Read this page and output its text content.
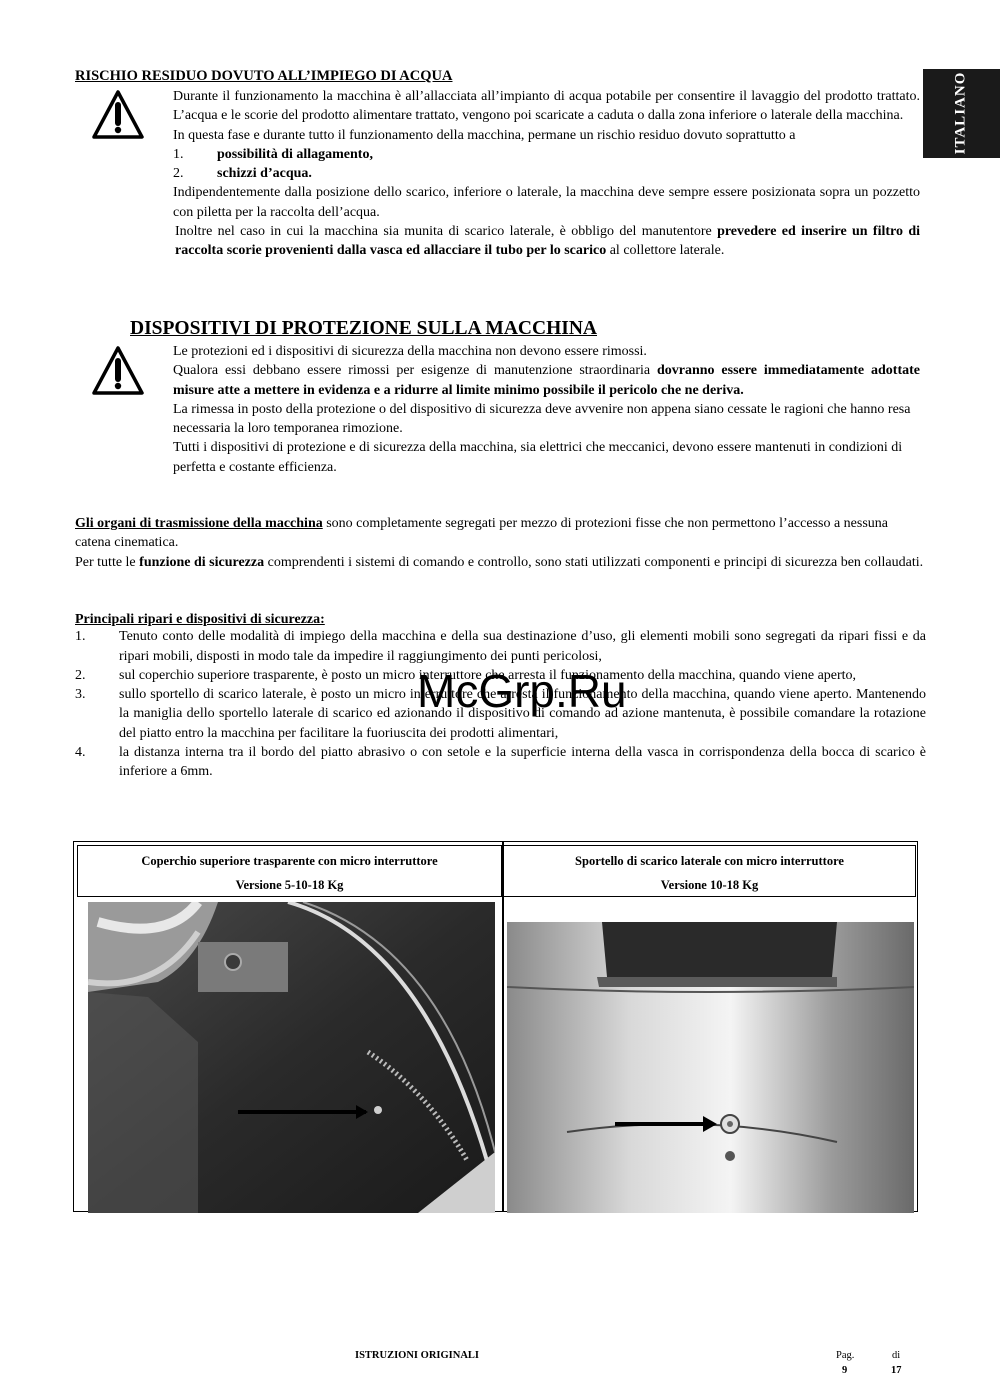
ITALIANO
RISCHIO RESIDUO DOVUTO ALL’IMPIEGO DI ACQUA
Durante il funzionamento la macchina è all’allacciata all’impianto di acqua potabile per consentire il lavaggio del prodotto trattato. L’acqua e le scorie del prodotto alimentare trattato, vengono poi scaricate a caduta o dalla zona inferiore o laterale della macchina.
In questa fase e durante tutto il funzionamento della macchina, permane un rischio residuo dovuto soprattutto a
1. possibilità di allagamento,
2. schizzi d’acqua.
Indipendentemente dalla posizione dello scarico, inferiore o laterale, la macchina deve sempre essere posizionata sopra un pozzetto con piletta per la raccolta dell’acqua.
Inoltre nel caso in cui la macchina sia munita di scarico laterale, è obbligo del manutentore prevedere ed inserire un filtro di raccolta scorie provenienti dalla vasca ed allacciare il tubo per lo scarico al collettore laterale.
DISPOSITIVI DI PROTEZIONE SULLA MACCHINA
Le protezioni ed i dispositivi di sicurezza della macchina non devono essere rimossi.
Qualora essi debbano essere rimossi per esigenze di manutenzione straordinaria dovranno essere immediatamente adottate misure atte a mettere in evidenza e a ridurre al limite minimo possibile il pericolo che ne deriva.
La rimessa in posto della protezione o del dispositivo di sicurezza deve avvenire non appena siano cessate le ragioni che hanno resa necessaria la loro temporanea rimozione.
Tutti i dispositivi di protezione e di sicurezza della macchina, sia elettrici che meccanici, devono essere mantenuti in condizioni di perfetta e costante efficienza.
Gli organi di trasmissione della macchina sono completamente segregati per mezzo di protezioni fisse che non permettono l’accesso a nessuna catena cinematica.
Per tutte le funzione di sicurezza comprendenti i sistemi di comando e controllo, sono stati utilizzati componenti e principi di sicurezza ben collaudati.
Principali ripari e dispositivi di sicurezza:
1. Tenuto conto delle modalità di impiego della macchina e della sua destinazione d’uso, gli elementi mobili sono segregati da ripari fissi e da ripari mobili, disposti in modo tale da impedire il raggiungimento dei punti pericolosi,
2. sul coperchio superiore trasparente, è posto un micro interruttore che arresta il funzionamento della macchina, quando viene aperto,
3. sullo sportello di scarico laterale, è posto un micro interruttore che arresta il funzionamento della macchina, quando viene aperto. Mantenendo la maniglia dello sportello laterale di scarico ed azionando il dispositivo di comando ad azione mantenuta, è possibile comandare la rotazione del piatto entro la macchina per facilitare la fuoriuscita dei prodotti alimentari,
4. la distanza interna tra il bordo del piatto abrasivo o con setole e la superficie interna della vasca in corrispondenza della bocca di scarico è inferiore a 6mm.
McGrp.Ru
Coperchio superiore trasparente con micro interruttore
Versione 5-10-18 Kg
Sportello di scarico laterale con micro interruttore
Versione 10-18 Kg
ISTRUZIONI ORIGINALI	Pag.	di
9	17
